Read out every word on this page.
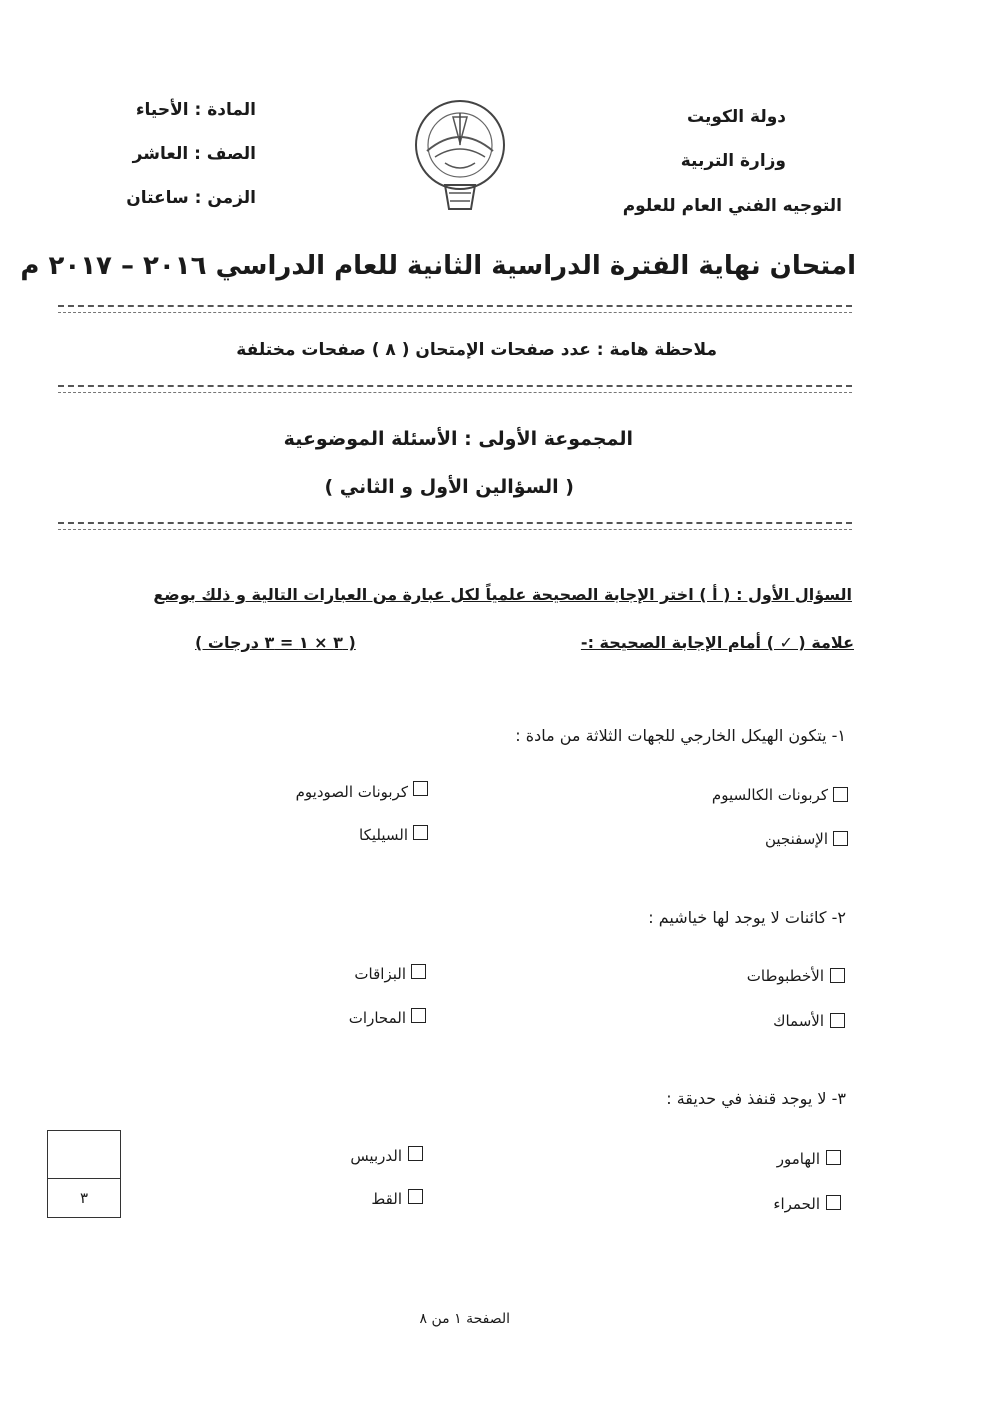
المادة : الأحياء
الصف : العاشر
الزمن : ساعتان
دولة الكويت
وزارة التربية
التوجيه الفني العام للعلوم
امتحان نهاية الفترة الدراسية الثانية للعام الدراسي ٢٠١٦ – ٢٠١٧ م
ملاحظة هامة : عدد صفحات الإمتحان ( ٨ ) صفحات مختلفة
المجموعة الأولى : الأسئلة الموضوعية
( السؤالين الأول و الثاني )
السؤال الأول : ( أ ) اختر الإجابة الصحيحة علمياً لكل عبارة من العبارات التالية و ذلك بوضع
علامة ( ✓ ) أمام الإجابة الصحيحة :-
( ٣ × ١ = ٣ درجات )
١- يتكون الهيكل الخارجي للجهات الثلاثة من مادة :
كربونات الكالسيوم
كربونات الصوديوم
الإسفنجين
السيليكا
٢- كائنات لا يوجد لها خياشيم :
الأخطبوطات
البزاقات
الأسماك
المحارات
٣- لا يوجد قنفذ في حديقة :
الهامور
الدربيس
الحمراء
القط
٣
الصفحة ١ من ٨
